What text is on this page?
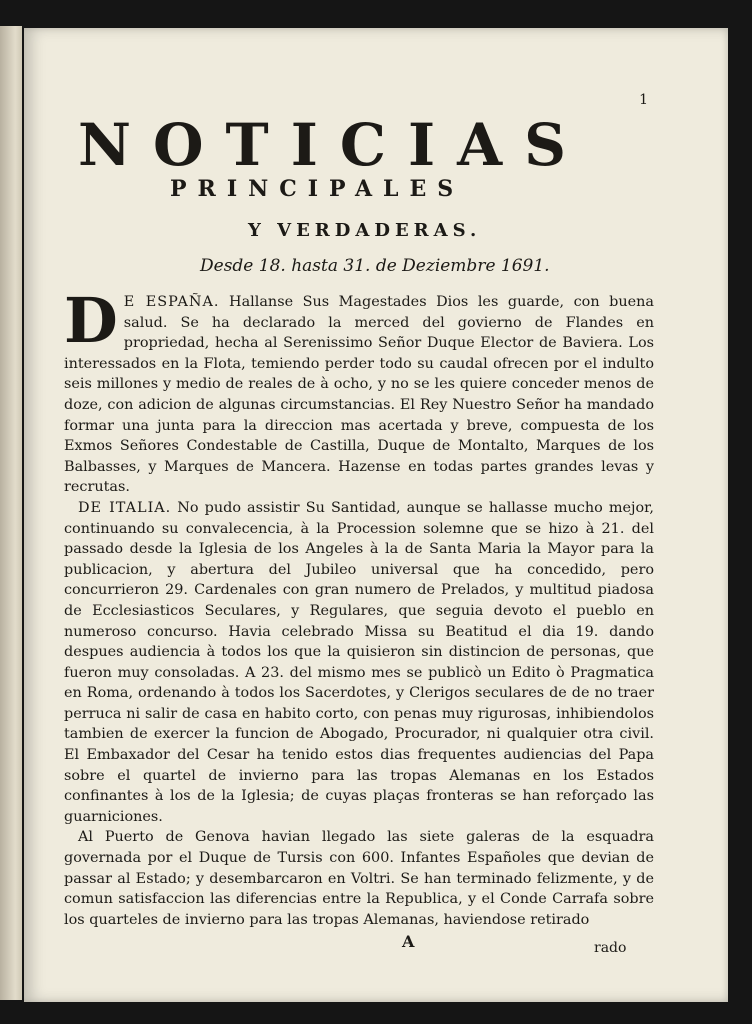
1

NOTICIAS
PRINCIPALES
Y VERDADERAS.

Desde 18. hasta 31. de Deziembre 1691.

D E ESPAÑA. Hallanse Sus Magestades Dios les guarde, con buena salud. Se ha declarado la merced del govierno de Flandes en propriedad, hecha al Serenissimo Señor Duque Elector de Baviera. Los interessados en la Flota, temiendo perder todo su caudal ofrecen por el indulto seis millones y medio de reales de à ocho, y no se les quiere conceder menos de doze, con adicion de algunas circumstancias. El Rey Nuestro Señor ha mandado formar una junta para la direccion mas acertada y breve, compuesta de los Exmos Señores Condestable de Castilla, Duque de Montalto, Marques de los Balbasses, y Marques de Mancera. Hazense en todas partes grandes levas y recrutas.

DE ITALIA. No pudo assistir Su Santidad, aunque se hallasse mucho mejor, continuando su convalecencia, à la Procession solemne que se hizo à 21. del passado desde la Iglesia de los Angeles à la de Santa Maria la Mayor para la publicacion, y abertura del Jubileo universal que ha concedido, pero concurrieron 29. Cardenales con gran numero de Prelados, y multitud piadosa de Ecclesiasticos Seculares, y Regulares, que seguia devoto el pueblo en numeroso concurso. Havia celebrado Missa su Beatitud el dia 19. dando despues audiencia à todos los que la quisieron sin distincion de personas, que fueron muy consoladas. A 23. del mismo mes se publicò un Edito ò Pragmatica en Roma, ordenando à todos los Sacerdotes, y Clerigos seculares de de no traer perruca ni salir de casa en habito corto, con penas muy rigurosas, inhibiendolos tambien de exercer la funcion de Abogado, Procurador, ni qualquier otra civil. El Embaxador del Cesar ha tenido estos dias frequentes audiencias del Papa sobre el quartel de invierno para las tropas Alemanas en los Estados confinantes à los de la Iglesia; de cuyas plaças fronteras se han reforçado las guarniciones.

Al Puerto de Genova havian llegado las siete galeras de la esquadra governada por el Duque de Tursis con 600. Infantes Españoles que devian de passar al Estado; y desembarcaron en Voltri. Se han terminado felizmente, y de comun satisfaccion las diferencias entre la Republica, y el Conde Carrafa sobre los quarteles de invierno para las tropas Alemanas, haviendose retirado

A	rado
